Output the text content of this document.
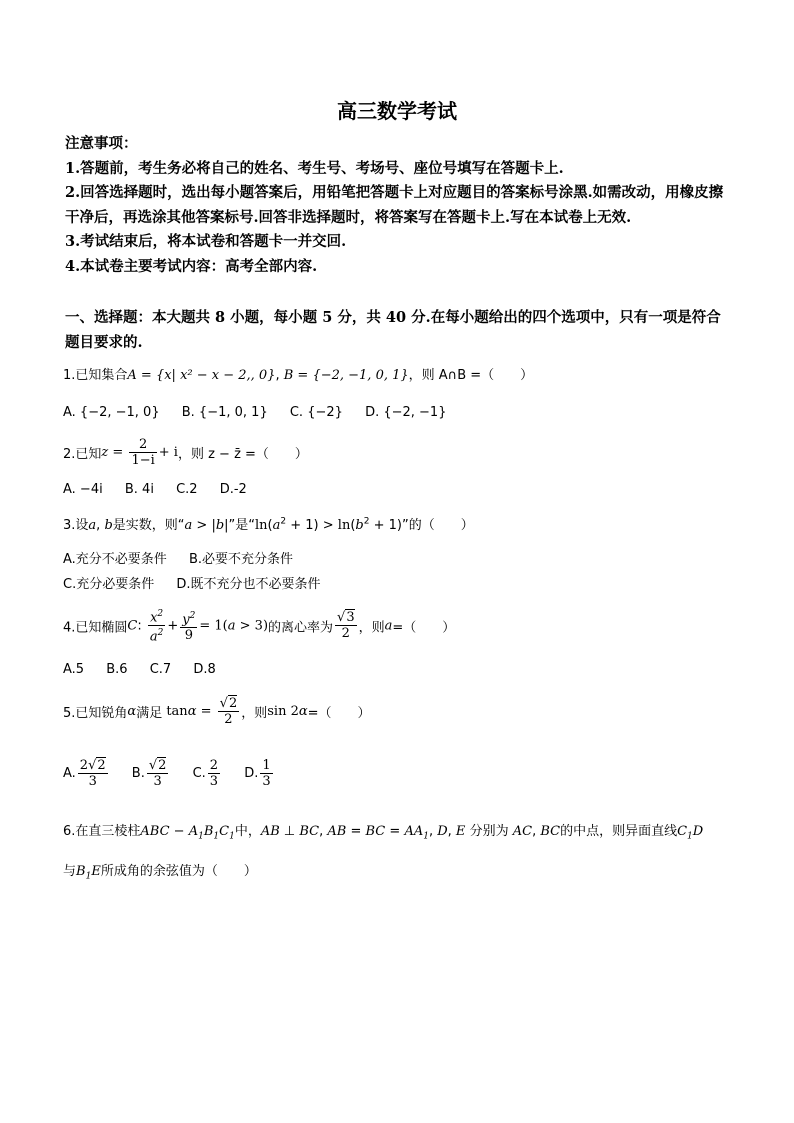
高三数学考试

注意事项：

1.答题前，考生务必将自己的姓名、考生号、考场号、座位号填写在答题卡上.

2.回答选择题时，选出每小题答案后，用铅笔把答题卡上对应题目的答案标号涂黑.如需改动，用橡皮擦干净后，再选涂其他答案标号.回答非选择题时，将答案写在答题卡上.写在本试卷上无效.

3.考试结束后，将本试卷和答题卡一并交回.

4.本试卷主要考试内容：高考全部内容.

一、选择题：本大题共 8 小题，每小题 5 分，共 40 分.在每小题给出的四个选项中，只有一项是符合题目要求的.
1.已知集合A = {x| x² − x − 2,, 0}, B = {−2, −1, 0, 1}，则 A∩B =（　　）
A. {−2, −1, 0} B. {−1, 0, 1} C. {−2} D. {−2, −1}
2.已知$z = \frac{2}{1-i} + i$，则 z − z̄ =（　　）
A. −4i B. 4i C.2 D.-2
3.设a, b是实数，则“a > |b|”是“$\ln(a^2 + 1) > \ln(b^2 + 1)$”的（　　）
A.充分不必要条件 B.必要不充分条件
C.充分必要条件 D.既不充分也不必要条件
4.已知椭圆C: $\frac{x^2}{a^2} + \frac{y^2}{9} = 1(a > 3)$的离心率为 $\frac{√3}{2}$ ，则a=（　　）
A.5 B.6 C.7 D.8
5.已知锐角α满足 $\tan\alpha = \frac{√2}{2}$ ，则sin 2α=（　　）
A. $\frac{2√2}{3} B$. $\frac{√2}{3} C$. $\frac{2}{3} D$. $\frac{1}{3}$
6.在直三棱柱ABC − $A_1B_1C_1$中，AB ⊥ BC, AB = BC = $AA_1$, D, E 分别为 AC, BC的中点，则异面直线$C_1D$
与$B_1E$所成角的余弦值为（　　）
